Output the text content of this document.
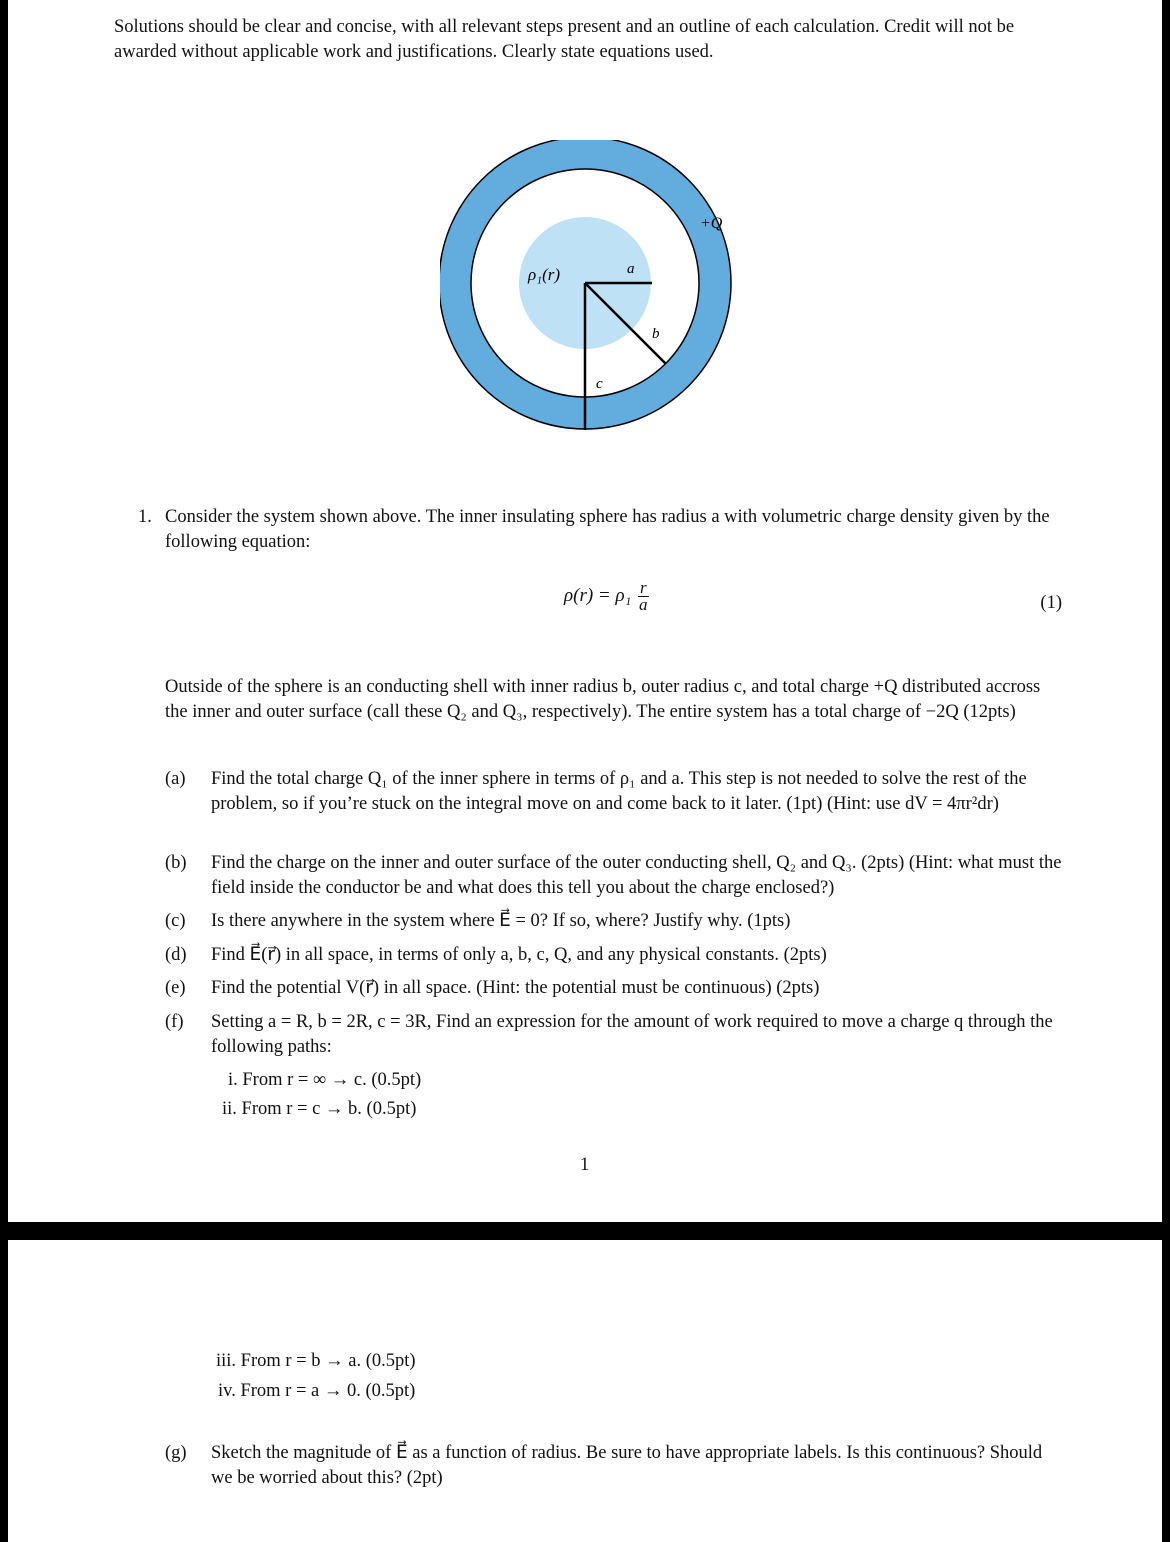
Solutions should be clear and concise, with all relevant steps present and an outline of each calculation. Credit will not be awarded without applicable work and justifications. Clearly state equations used.
ρ₁(r)	a
b
c
+Q
1. Consider the system shown above. The inner insulating sphere has radius a with volumetric charge density given by the following equation:
$\rho(r) = \rho_1 \frac{r}{a}$	(1)
Outside of the sphere is an conducting shell with inner radius b, outer radius c, and total charge +Q distributed accross the inner and outer surface (call these Q₂ and Q₃, respectively). The entire system has a total charge of −2Q (12pts)
(a) Find the total charge Q₁ of the inner sphere in terms of ρ₁ and a. This step is not needed to solve the rest of the problem, so if you’re stuck on the integral move on and come back to it later. (1pt) (Hint: use dV = 4πr²dr)
(b) Find the charge on the inner and outer surface of the outer conducting shell, Q₂ and Q₃. (2pts) (Hint: what must the field inside the conductor be and what does this tell you about the charge enclosed?)
(c) Is there anywhere in the system where E⃗ = 0? If so, where? Justify why. (1pts)
(d) Find E⃗(r⃗) in all space, in terms of only a, b, c, Q, and any physical constants. (2pts)
(e) Find the potential V(r⃗) in all space. (Hint: the potential must be continuous) (2pts)
(f) Setting a = R, b = 2R, c = 3R, Find an expression for the amount of work required to move a charge q through the following paths:
i. From r = ∞ → c. (0.5pt)
ii. From r = c → b. (0.5pt)
1
iii. From r = b → a. (0.5pt)
iv. From r = a → 0. (0.5pt)
(g) Sketch the magnitude of E⃗ as a function of radius. Be sure to have appropriate labels. Is this continuous? Should we be worried about this? (2pt)
